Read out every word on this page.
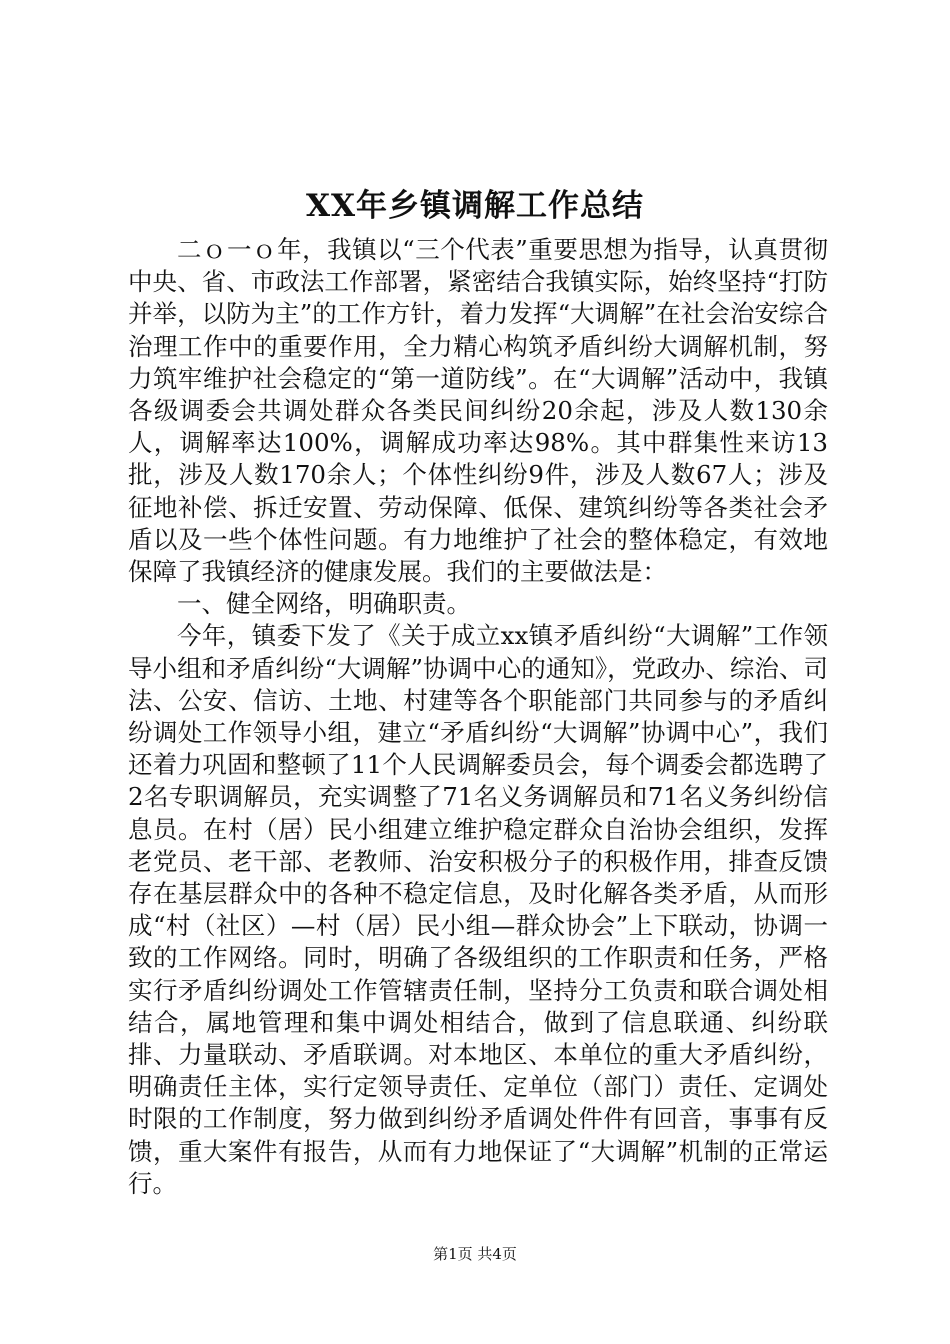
XX年乡镇调解工作总结

二ｏ一ｏ年，我镇以“三个代表”重要思想为指导，认真贯彻中央、省、市政法工作部署，紧密结合我镇实际，始终坚持“打防并举，以防为主”的工作方针，着力发挥“大调解”在社会治安综合治理工作中的重要作用，全力精心构筑矛盾纠纷大调解机制，努力筑牢维护社会稳定的“第一道防线”。在“大调解”活动中，我镇各级调委会共调处群众各类民间纠纷20余起，涉及人数130余人，调解率达100%，调解成功率达98%。其中群集性来访13批，涉及人数170余人；个体性纠纷9件，涉及人数67人；涉及征地补偿、拆迁安置、劳动保障、低保、建筑纠纷等各类社会矛盾以及一些个体性问题。有力地维护了社会的整体稳定，有效地保障了我镇经济的健康发展。我们的主要做法是：

一、健全网络，明确职责。

今年，镇委下发了《关于成立xx镇矛盾纠纷“大调解”工作领导小组和矛盾纠纷“大调解”协调中心的通知》，党政办、综治、司法、公安、信访、土地、村建等各个职能部门共同参与的矛盾纠纷调处工作领导小组，建立“矛盾纠纷“大调解”协调中心”，我们还着力巩固和整顿了11个人民调解委员会，每个调委会都选聘了2名专职调解员，充实调整了71名义务调解员和71名义务纠纷信息员。在村（居）民小组建立维护稳定群众自治协会组织，发挥老党员、老干部、老教师、治安积极分子的积极作用，排查反馈存在基层群众中的各种不稳定信息，及时化解各类矛盾，从而形成“村（社区）—村（居）民小组—群众协会”上下联动，协调一致的工作网络。同时，明确了各级组织的工作职责和任务，严格实行矛盾纠纷调处工作管辖责任制，坚持分工负责和联合调处相结合，属地管理和集中调处相结合，做到了信息联通、纠纷联排、力量联动、矛盾联调。对本地区、本单位的重大矛盾纠纷，明确责任主体，实行定领导责任、定单位（部门）责任、定调处时限的工作制度，努力做到纠纷矛盾调处件件有回音，事事有反馈，重大案件有报告，从而有力地保证了“大调解”机制的正常运行。

第1页 共4页
